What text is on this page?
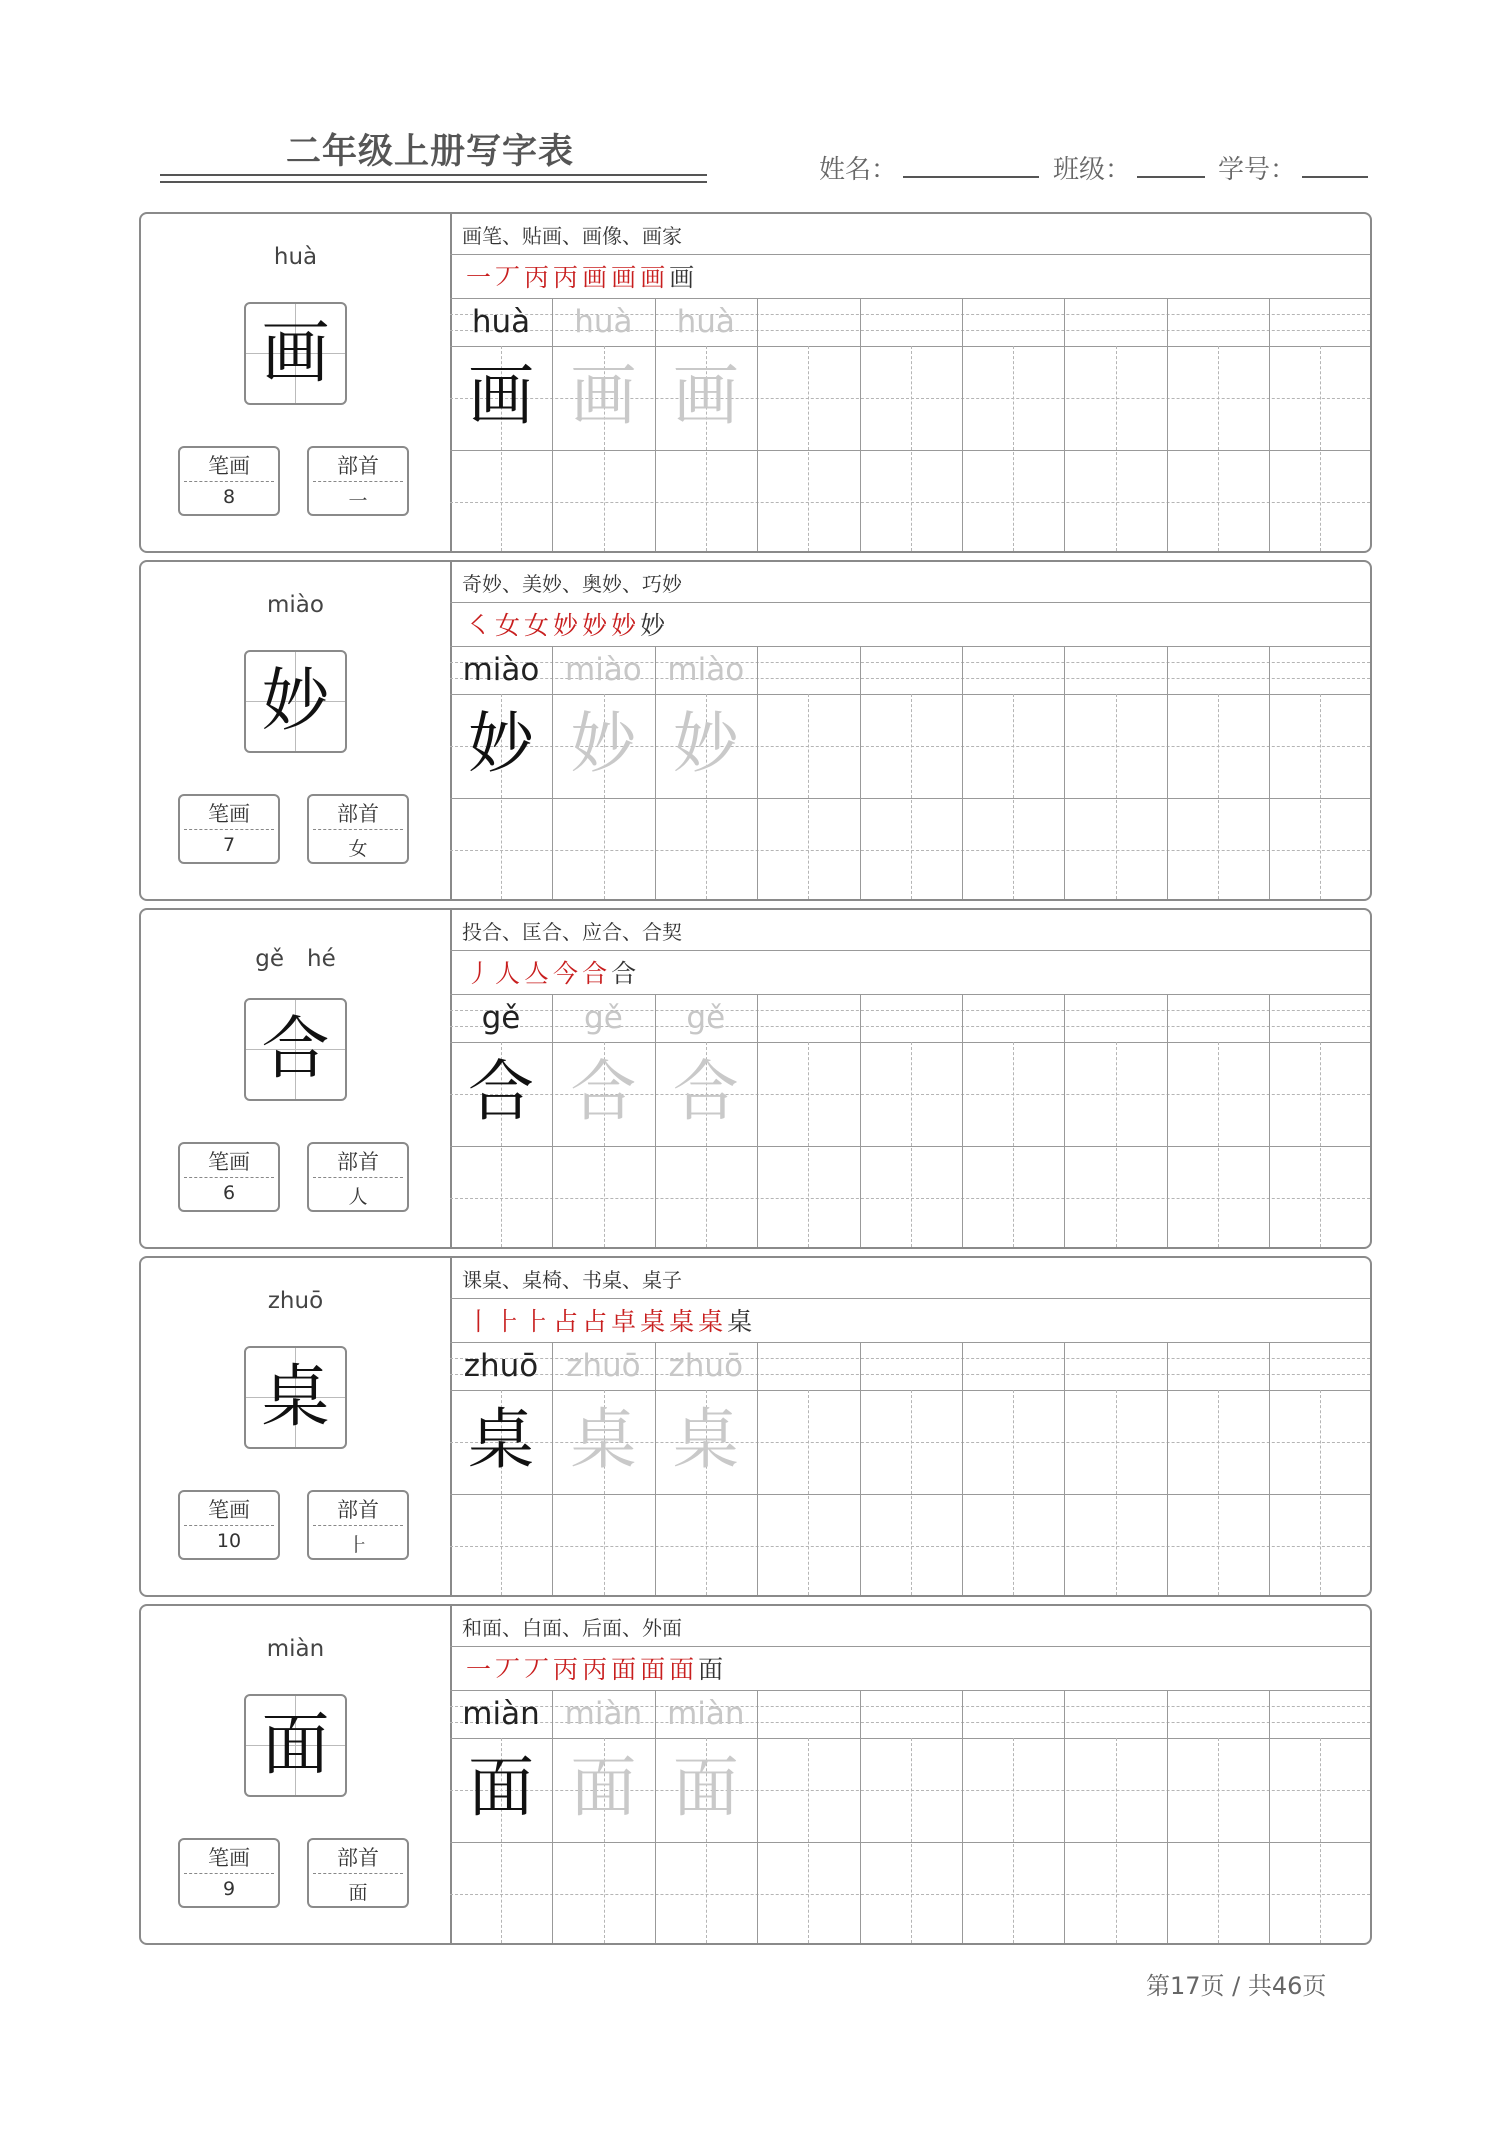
二年级上册写字表	姓名：	班级：	学号：
huà
画
笔画
8
部首
一
画笔、贴画、画像、画家
一 丆 丙 丙 画 画 画 画
huà
画
huà
画
huà
画
miào
妙
笔画
7
部首
女
奇妙、美妙、奥妙、巧妙
㇛ 女 女 妙 妙 妙 妙
miào
妙
miào
妙
miào
妙
gě　hé
合
笔画
6
部首
人
投合、匡合、应合、合契
丿 人 亼 今 合 合
gě
合
gě
合
gě
合
zhuō
桌
笔画
10
部首
⺊
课桌、桌椅、书桌、桌子
丨 ⺊ ⺊ 占 占 卓 桌 桌 桌 桌
zhuō
桌
zhuō
桌
zhuō
桌
miàn
面
笔画
9
部首
面
和面、白面、后面、外面
一 丆 丆 丙 丙 面 面 面 面
miàn
面
miàn
面
miàn
面
第17页 / 共46页
